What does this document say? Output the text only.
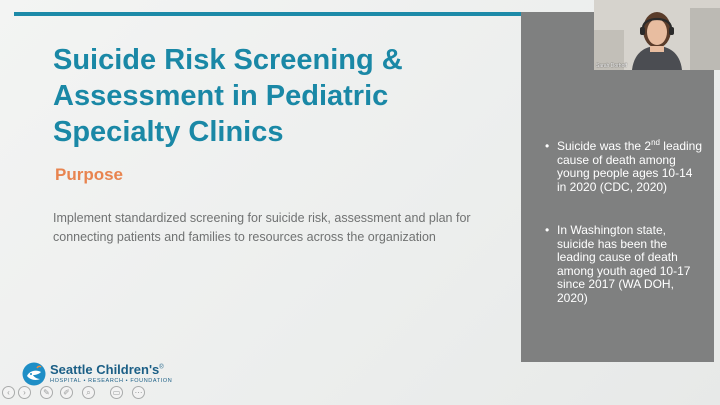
Suicide Risk Screening &
Assessment in Pediatric
Specialty Clinics
Purpose
Implement standardized screening for suicide risk, assessment and plan for connecting patients and families to resources across the organization
• Suicide was the 2nd leading cause of death among young people ages 10-14 in 2020 (CDC, 2020)
• In Washington state, suicide has been the leading cause of death among youth aged 10-17 since 2017 (WA DOH, 2020)
Seattle Children's®
HOSPITAL • RESEARCH • FOUNDATION
Sarah Dorhoff
‹	›	✎	✐	⌕	▭	⋯
